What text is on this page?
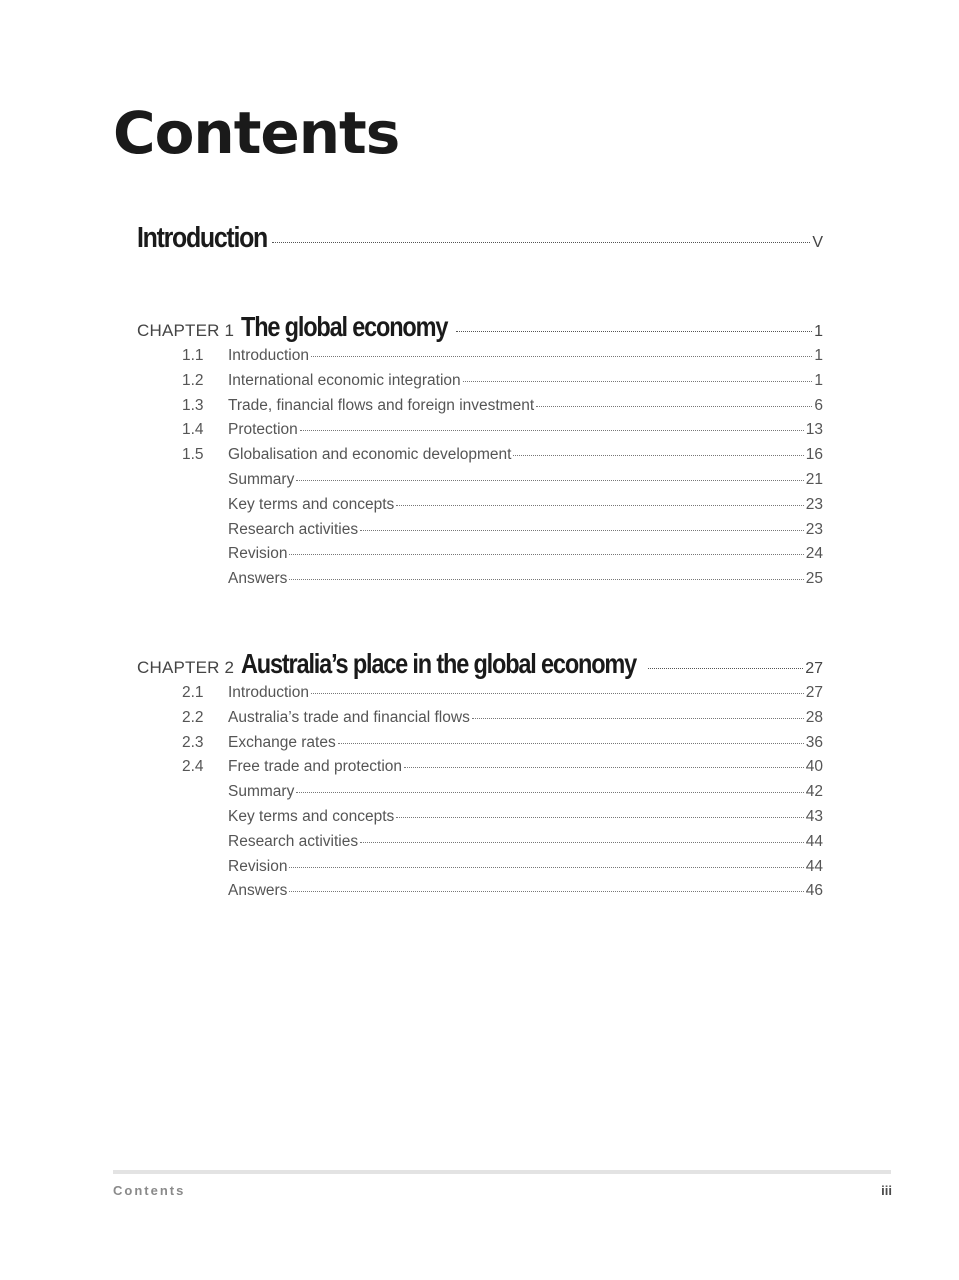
Contents
Introduction	V
CHAPTER 1 The global economy	1
1.1	Introduction	1
1.2	International economic integration	1
1.3	Trade, financial flows and foreign investment	6
1.4	Protection	13
1.5	Globalisation and economic development	16
Summary	21
Key terms and concepts	23
Research activities	23
Revision	24
Answers	25
CHAPTER 2 Australia’s place in the global economy	27
2.1	Introduction	27
2.2	Australia’s trade and financial flows	28
2.3	Exchange rates	36
2.4	Free trade and protection	40
Summary	42
Key terms and concepts	43
Research activities	44
Revision	44
Answers	46
Contents	iii
